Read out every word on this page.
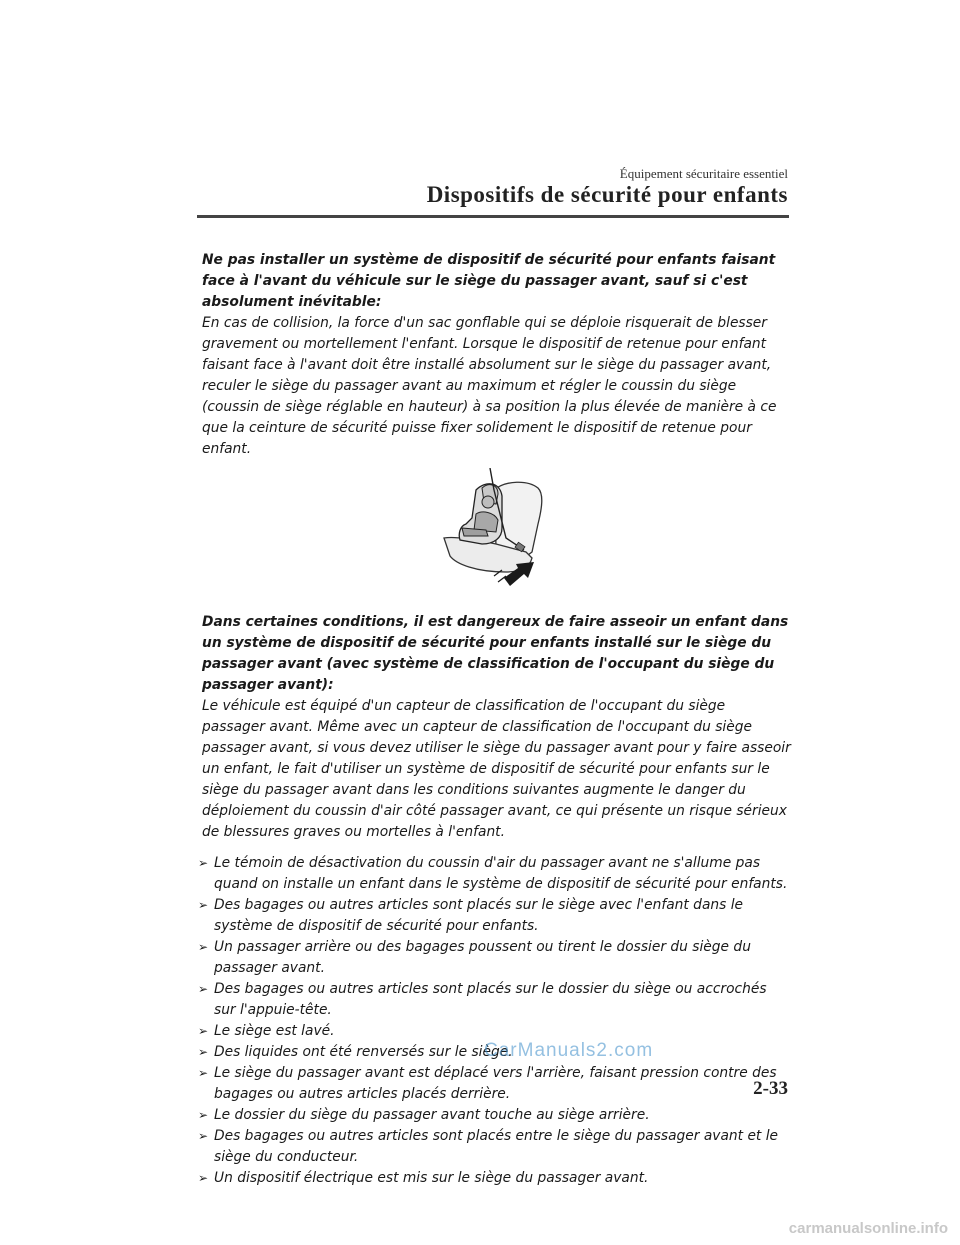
Équipement sécuritaire essentiel
Dispositifs de sécurité pour enfants

Ne pas installer un système de dispositif de sécurité pour enfants faisant face à l'avant du véhicule sur le siège du passager avant, sauf si c'est absolument inévitable:

En cas de collision, la force d'un sac gonflable qui se déploie risquerait de blesser gravement ou mortellement l'enfant. Lorsque le dispositif de retenue pour enfant faisant face à l'avant doit être installé absolument sur le siège du passager avant, reculer le siège du passager avant au maximum et régler le coussin du siège (coussin de siège réglable en hauteur) à sa position la plus élevée de manière à ce que la ceinture de sécurité puisse fixer solidement le dispositif de retenue pour enfant.

Dans certaines conditions, il est dangereux de faire asseoir un enfant dans un système de dispositif de sécurité pour enfants installé sur le siège du passager avant (avec système de classification de l'occupant du siège du passager avant):

Le véhicule est équipé d'un capteur de classification de l'occupant du siège passager avant. Même avec un capteur de classification de l'occupant du siège passager avant, si vous devez utiliser le siège du passager avant pour y faire asseoir un enfant, le fait d'utiliser un système de dispositif de sécurité pour enfants sur le siège du passager avant dans les conditions suivantes augmente le danger du déploiement du coussin d'air côté passager avant, ce qui présente un risque sérieux de blessures graves ou mortelles à l'enfant.

➢ Le témoin de désactivation du coussin d'air du passager avant ne s'allume pas quand on installe un enfant dans le système de dispositif de sécurité pour enfants.
➢ Des bagages ou autres articles sont placés sur le siège avec l'enfant dans le système de dispositif de sécurité pour enfants.
➢ Un passager arrière ou des bagages poussent ou tirent le dossier du siège du passager avant.
➢ Des bagages ou autres articles sont placés sur le dossier du siège ou accrochés sur l'appuie-tête.
➢ Le siège est lavé.
➢ Des liquides ont été renversés sur le siège.
➢ Le siège du passager avant est déplacé vers l'arrière, faisant pression contre des bagages ou autres articles placés derrière.
➢ Le dossier du siège du passager avant touche au siège arrière.
➢ Des bagages ou autres articles sont placés entre le siège du passager avant et le siège du conducteur.
➢ Un dispositif électrique est mis sur le siège du passager avant.
CarManuals2.com
2-33
carmanualsonline.info
